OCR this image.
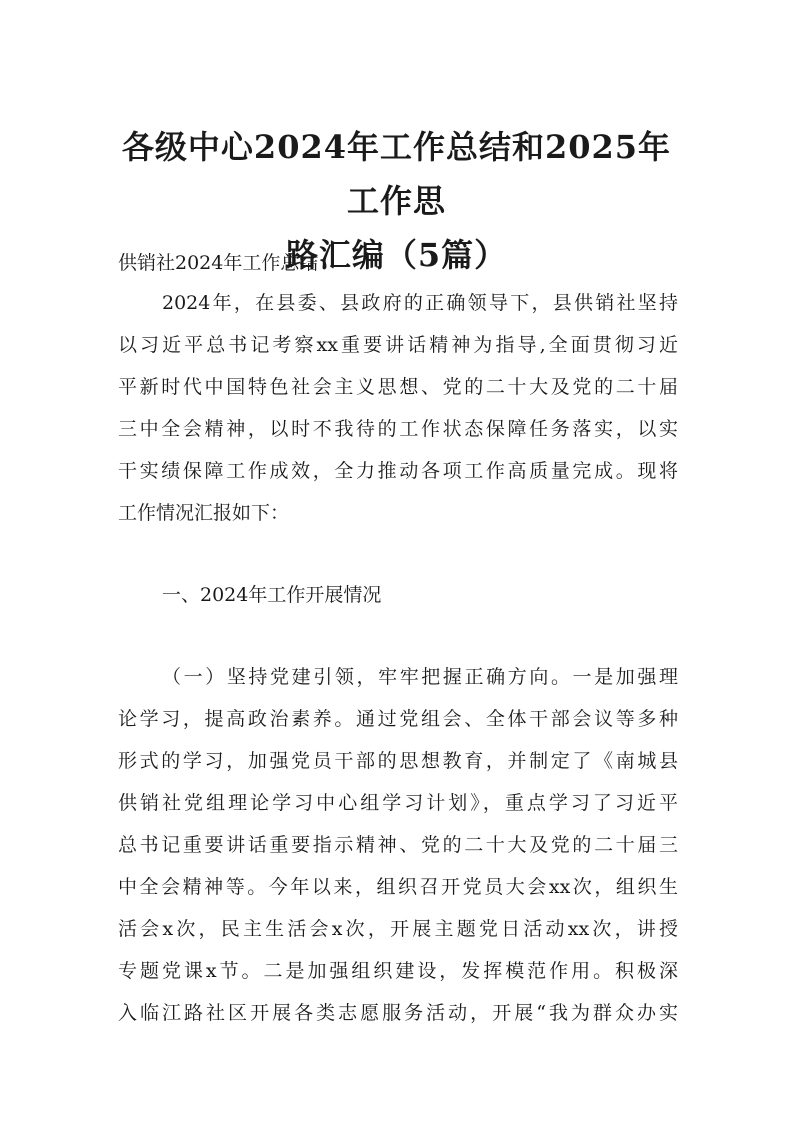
各级中心2024年工作总结和2025年工作思
路汇编（5篇）
供销社2024年工作总结
2024年，在县委、县政府的正确领导下，县供销社坚持
以习近平总书记考察xx重要讲话精神为指导,全面贯彻习近
平新时代中国特色社会主义思想、党的二十大及党的二十届
三中全会精神，以时不我待的工作状态保障任务落实，以实
干实绩保障工作成效，全力推动各项工作高质量完成。现将
工作情况汇报如下：
一、2024年工作开展情况
（一）坚持党建引领，牢牢把握正确方向。一是加强理
论学习，提高政治素养。通过党组会、全体干部会议等多种
形式的学习，加强党员干部的思想教育，并制定了《南城县
供销社党组理论学习中心组学习计划》，重点学习了习近平
总书记重要讲话重要指示精神、党的二十大及党的二十届三
中全会精神等。今年以来，组织召开党员大会xx次，组织生
活会x次，民主生活会x次，开展主题党日活动xx次，讲授
专题党课x节。二是加强组织建设，发挥模范作用。积极深
入临江路社区开展各类志愿服务活动，开展“我为群众办实
